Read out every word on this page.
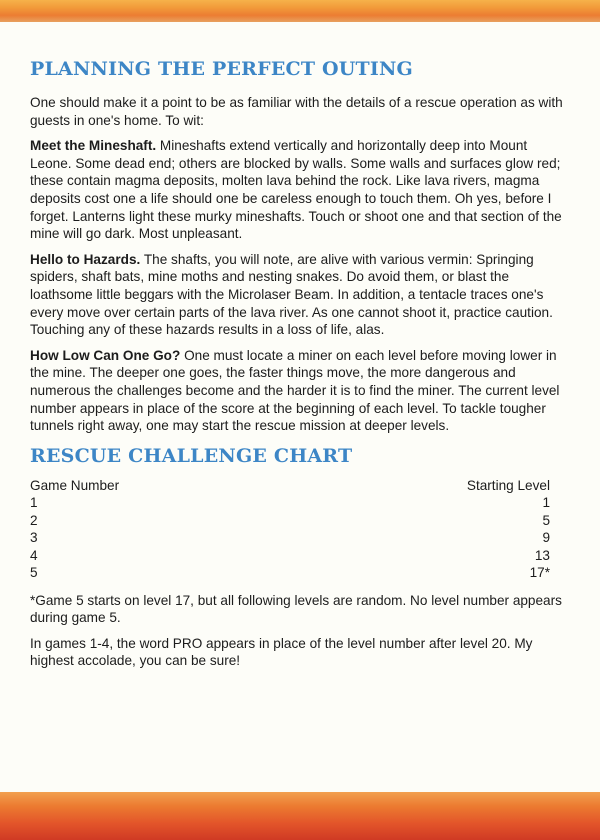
PLANNING THE PERFECT OUTING

One should make it a point to be as familiar with the details of a rescue operation as with guests in one's home. To wit:

Meet the Mineshaft. Mineshafts extend vertically and horizontally deep into Mount Leone. Some dead end; others are blocked by walls. Some walls and surfaces glow red; these contain magma deposits, molten lava behind the rock. Like lava rivers, magma deposits cost one a life should one be careless enough to touch them. Oh yes, before I forget. Lanterns light these murky mineshafts. Touch or shoot one and that section of the mine will go dark. Most unpleasant.

Hello to Hazards. The shafts, you will note, are alive with various vermin: Springing spiders, shaft bats, mine moths and nesting snakes. Do avoid them, or blast the loathsome little beggars with the Microlaser Beam. In addition, a tentacle traces one's every move over certain parts of the lava river. As one cannot shoot it, practice caution. Touching any of these hazards results in a loss of life, alas.

How Low Can One Go? One must locate a miner on each level before moving lower in the mine. The deeper one goes, the faster things move, the more dangerous and numerous the challenges become and the harder it is to find the miner. The current level number appears in place of the score at the beginning of each level. To tackle tougher tunnels right away, one may start the rescue mission at deeper levels.

RESCUE CHALLENGE CHART
Game Number	Starting Level
1	1
2	5
3	9
4	13
5	17*

*Game 5 starts on level 17, but all following levels are random. No level number appears during game 5.

In games 1-4, the word PRO appears in place of the level number after level 20. My highest accolade, you can be sure!
